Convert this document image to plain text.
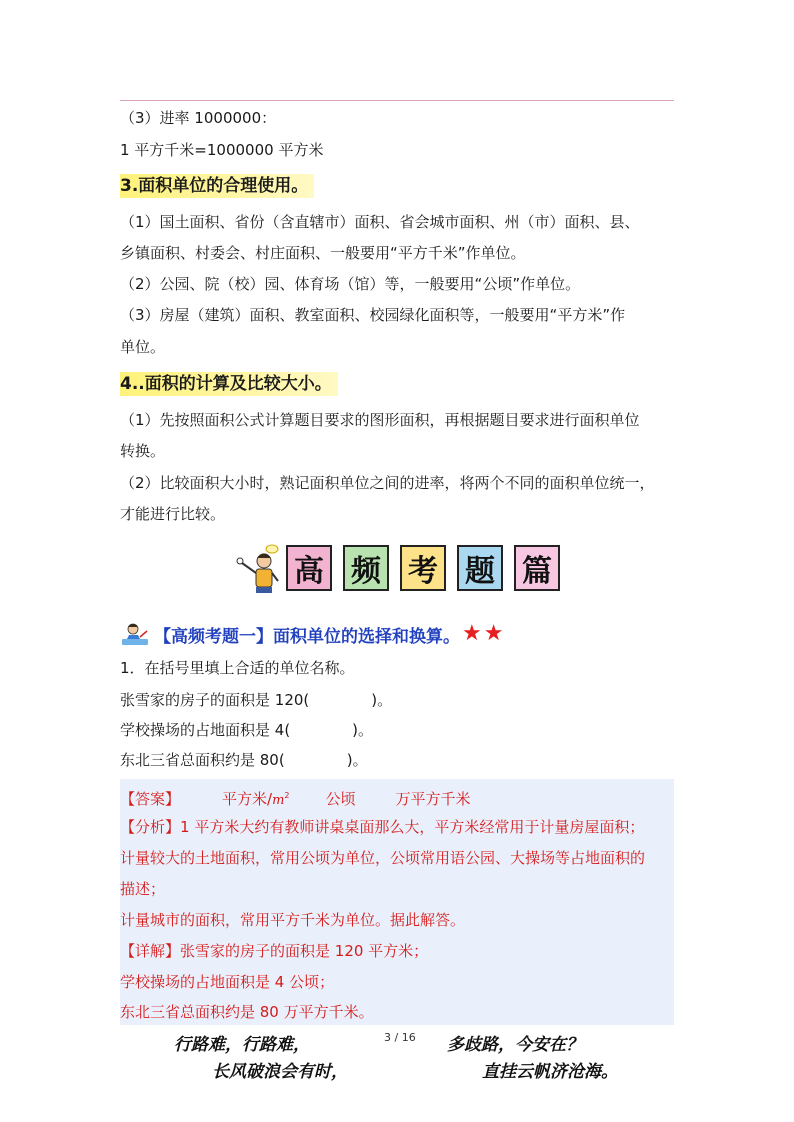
（3）进率 1000000：
1 平方千米=1000000 平方米
3.面积单位的合理使用。
（1）国土面积、省份（含直辖市）面积、省会城市面积、州（市）面积、县、
乡镇面积、村委会、村庄面积、一般要用“平方千米”作单位。
（2）公园、院（校）园、体育场（馆）等，一般要用“公顷”作单位。
（3）房屋（建筑）面积、教室面积、校园绿化面积等，一般要用“平方米”作
单位。
4..面积的计算及比较大小。
（1）先按照面积公式计算题目要求的图形面积，再根据题目要求进行面积单位
转换。
（2）比较面积大小时，熟记面积单位之间的进率，将两个不同的面积单位统一，
才能进行比较。
高 频 考 题 篇
【高频考题一】面积单位的选择和换算。 ★ ★
1．在括号里填上合适的单位名称。
张雪家的房子的面积是 120(	)。
学校操场的占地面积是 4(	)。
东北三省总面积约是 80(	)。
【答案】	平方米$/m^2$ 公顷	万平方千米
【分析】1 平方米大约有教师讲桌桌面那么大，平方米经常用于计量房屋面积；
计量较大的土地面积，常用公顷为单位，公顷常用语公园、大操场等占地面积的
描述；
计量城市的面积，常用平方千米为单位。据此解答。
【详解】张雪家的房子的面积是 120 平方米；
学校操场的占地面积是 4 公顷；
东北三省总面积约是 80 万平方千米。
3 / 16
行路难，行路难，	多歧路，今安在？
长风破浪会有时，	直挂云帆济沧海。
